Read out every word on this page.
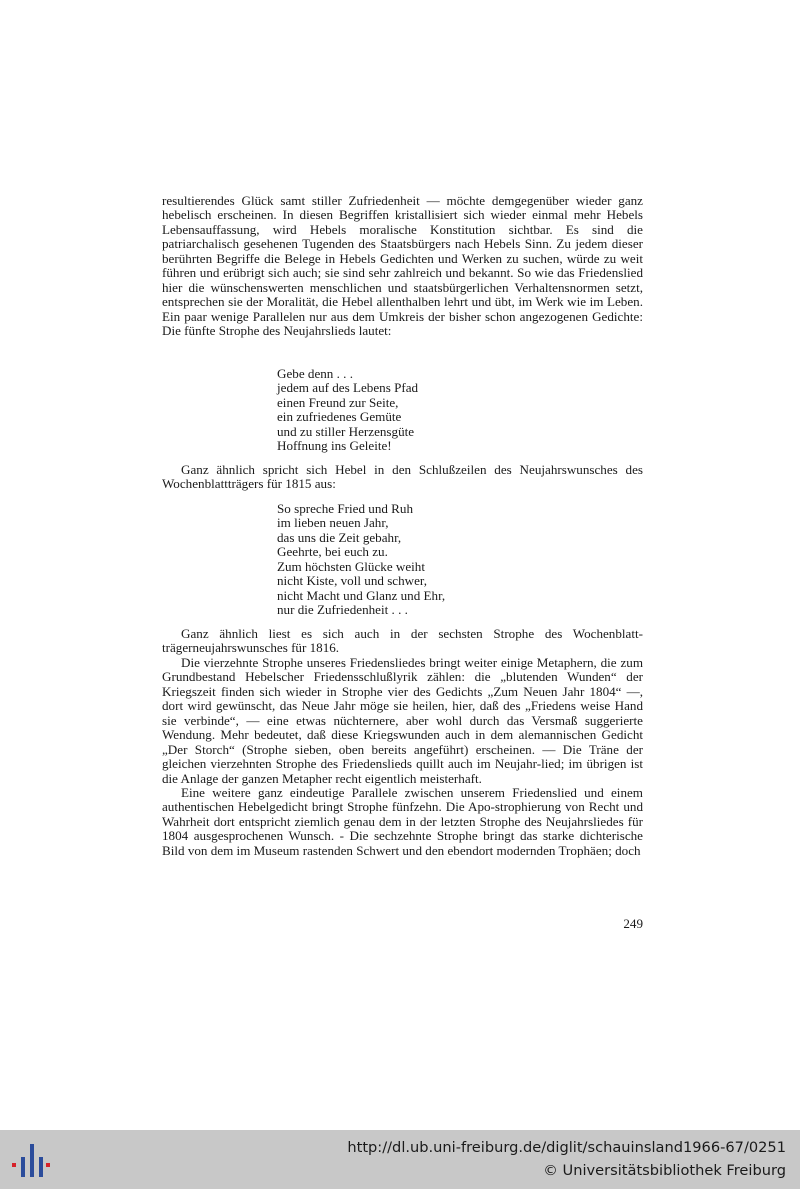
resultierendes Glück samt stiller Zufriedenheit — möchte demgegenüber wieder ganz hebelisch erscheinen. In diesen Begriffen kristallisiert sich wieder einmal mehr Hebels Lebensauffassung, wird Hebels moralische Konstitution sichtbar. Es sind die patriarchalisch gesehenen Tugenden des Staatsbürgers nach Hebels Sinn. Zu jedem dieser berührten Begriffe die Belege in Hebels Gedichten und Werken zu suchen, würde zu weit führen und erübrigt sich auch; sie sind sehr zahlreich und bekannt. So wie das Friedenslied hier die wünschenswerten menschlichen und staatsbürgerlichen Verhaltensnormen setzt, entsprechen sie der Moralität, die Hebel allenthalben lehrt und übt, im Werk wie im Leben. Ein paar wenige Parallelen nur aus dem Umkreis der bisher schon angezogenen Gedichte: Die fünfte Strophe des Neujahrslieds lautet:

Gebe denn . . .
jedem auf des Lebens Pfad
einen Freund zur Seite,
ein zufriedenes Gemüte
und zu stiller Herzensgüte
Hoffnung ins Geleite!

Ganz ähnlich spricht sich Hebel in den Schlußzeilen des Neujahrswunsches des Wochenblattträgers für 1815 aus:

So spreche Fried und Ruh
im lieben neuen Jahr,
das uns die Zeit gebahr,
Geehrte, bei euch zu.
Zum höchsten Glücke weiht
nicht Kiste, voll und schwer,
nicht Macht und Glanz und Ehr,
nur die Zufriedenheit . . .

Ganz ähnlich liest es sich auch in der sechsten Strophe des Wochenblatt-trägerneujahrswunsches für 1816.

Die vierzehnte Strophe unseres Friedensliedes bringt weiter einige Metaphern, die zum Grundbestand Hebelscher Friedensschlußlyrik zählen: die „blutenden Wunden“ der Kriegszeit finden sich wieder in Strophe vier des Gedichts „Zum Neuen Jahr 1804“ —, dort wird gewünscht, das Neue Jahr möge sie heilen, hier, daß des „Friedens weise Hand sie verbinde“, — eine etwas nüchternere, aber wohl durch das Versmaß suggerierte Wendung. Mehr bedeutet, daß diese Kriegswunden auch in dem alemannischen Gedicht „Der Storch“ (Strophe sieben, oben bereits angeführt) erscheinen. — Die Träne der gleichen vierzehnten Strophe des Friedenslieds quillt auch im Neujahr-lied; im übrigen ist die Anlage der ganzen Metapher recht eigentlich meisterhaft.

Eine weitere ganz eindeutige Parallele zwischen unserem Friedenslied und einem authentischen Hebelgedicht bringt Strophe fünfzehn. Die Apo-strophierung von Recht und Wahrheit dort entspricht ziemlich genau dem in der letzten Strophe des Neujahrsliedes für 1804 ausgesprochenen Wunsch. - Die sechzehnte Strophe bringt das starke dichterische Bild von dem im Museum rastenden Schwert und den ebendort modernden Trophäen; doch

249
http://dl.ub.uni-freiburg.de/diglit/schauinsland1966-67/0251
© Universitätsbibliothek Freiburg
